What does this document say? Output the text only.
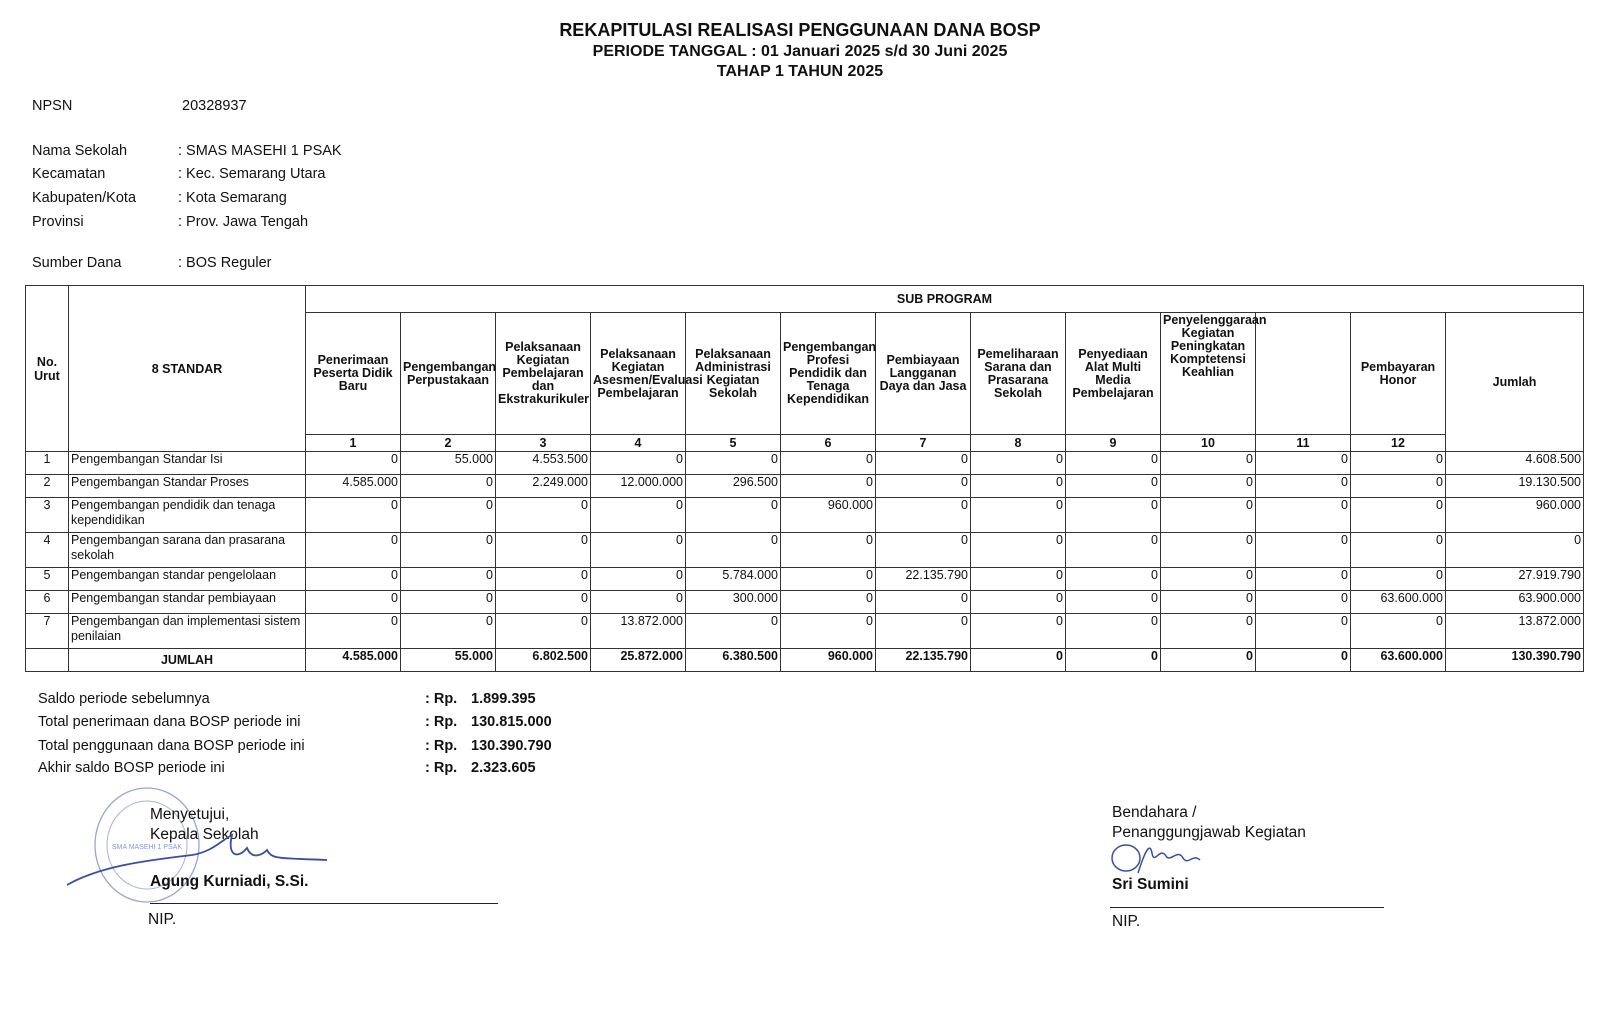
REKAPITULASI REALISASI PENGGUNAAN DANA BOSP
PERIODE TANGGAL : 01 Januari 2025 s/d 30 Juni 2025
TAHAP 1 TAHUN 2025
NPSN	20328937
Nama Sekolah	: SMAS MASEHI 1 PSAK
Kecamatan	: Kec. Semarang Utara
Kabupaten/Kota	: Kota Semarang
Provinsi	: Prov. Jawa Tengah
Sumber Dana	: BOS Reguler
No. Urut	8 STANDAR	SUB PROGRAM												
		Penerimaan Peserta Didik Baru	Pengembangan Perpustakaan	Pelaksanaan Kegiatan Pembelajaran dan Ekstrakurikuler	Pelaksanaan Kegiatan Asesmen/Evaluasi Pembelajaran	Pelaksanaan Administrasi Kegiatan Sekolah	Pengembangan Profesi Pendidik dan Tenaga Kependidikan	Pembiayaan Langganan Daya dan Jasa	Pemeliharaan Sarana dan Prasarana Sekolah	Penyediaan Alat Multi Media Pembelajaran	Penyelenggaraan Kegiatan Peningkatan Komptetensi Keahlian		Pembayaran Honor	Jumlah
		1	2	3	4	5	6	7	8	9	10	11	12	
1	Pengembangan Standar Isi	0	55.000	4.553.500	0	0	0	0	0	0	0	0	0	4.608.500
2	Pengembangan Standar Proses	4.585.000	0	2.249.000	12.000.000	296.500	0	0	0	0	0	0	0	19.130.500
3	Pengembangan pendidik dan tenaga kependidikan	0	0	0	0	0	960.000	0	0	0	0	0	0	960.000
4	Pengembangan sarana dan prasarana sekolah	0	0	0	0	0	0	0	0	0	0	0	0	0
5	Pengembangan standar pengelolaan	0	0	0	0	5.784.000	0	22.135.790	0	0	0	0	0	27.919.790
6	Pengembangan standar pembiayaan	0	0	0	0	300.000	0	0	0	0	0	0	63.600.000	63.900.000
7	Pengembangan dan implementasi sistem penilaian	0	0	0	13.872.000	0	0	0	0	0	0	0	0	13.872.000
	JUMLAH	4.585.000	55.000	6.802.500	25.872.000	6.380.500	960.000	22.135.790	0	0	0	0	63.600.000	130.390.790
Saldo periode sebelumnya	: Rp. 1.899.395
Total penerimaan dana BOSP periode ini	: Rp. 130.815.000
Total penggunaan dana BOSP periode ini	: Rp. 130.390.790
Akhir saldo BOSP periode ini	: Rp. 2.323.605
SMA MASEHI 1 PSAK
Menyetujui,
Kepala Sekolah
Agung Kurniadi, S.Si.
NIP.
Bendahara /
Penanggungjawab Kegiatan
Sri Sumini
NIP.
